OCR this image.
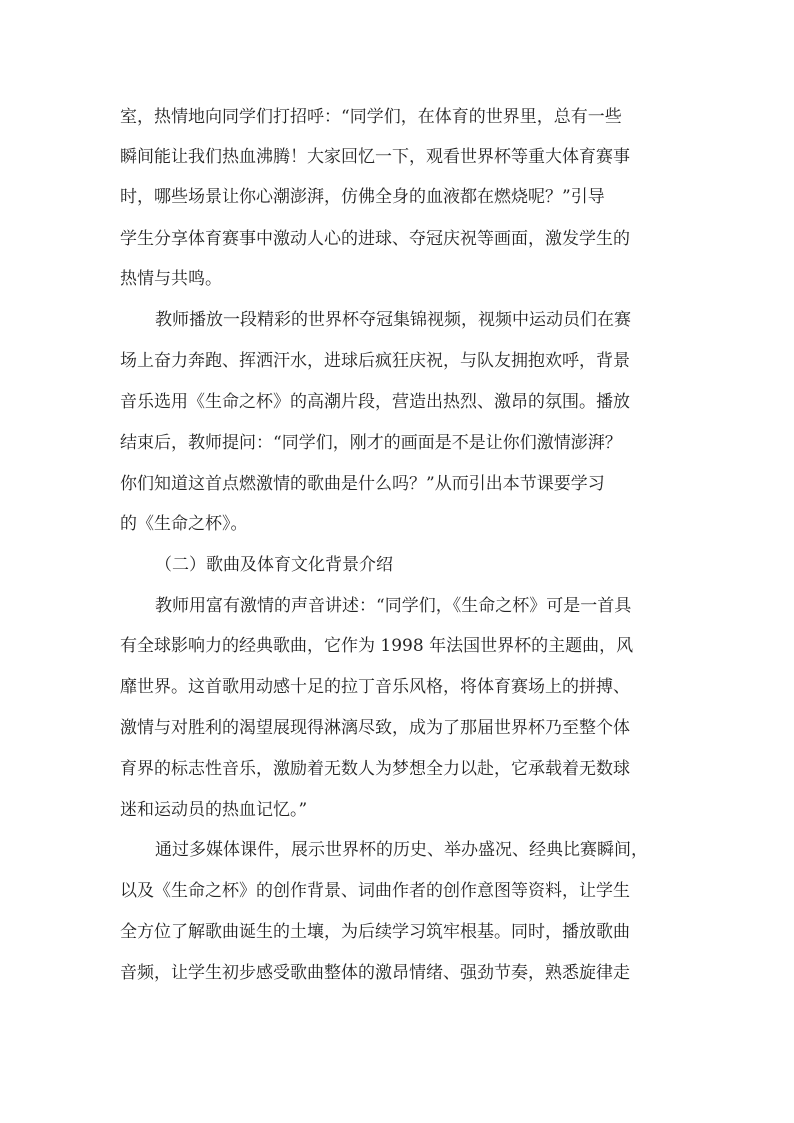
室，热情地向同学们打招呼：“同学们，在体育的世界里，总有一些

瞬间能让我们热血沸腾！大家回忆一下，观看世界杯等重大体育赛事

时，哪些场景让你心潮澎湃，仿佛全身的血液都在燃烧呢？”引导

学生分享体育赛事中激动人心的进球、夺冠庆祝等画面，激发学生的

热情与共鸣。

教师播放一段精彩的世界杯夺冠集锦视频，视频中运动员们在赛

场上奋力奔跑、挥洒汗水，进球后疯狂庆祝，与队友拥抱欢呼，背景

音乐选用《生命之杯》的高潮片段，营造出热烈、激昂的氛围。播放

结束后，教师提问：“同学们，刚才的画面是不是让你们激情澎湃？

你们知道这首点燃激情的歌曲是什么吗？”从而引出本节课要学习

的《生命之杯》。

（二）歌曲及体育文化背景介绍

教师用富有激情的声音讲述：“同学们，《生命之杯》可是一首具

有全球影响力的经典歌曲，它作为 1998 年法国世界杯的主题曲，风

靡世界。这首歌用动感十足的拉丁音乐风格，将体育赛场上的拼搏、

激情与对胜利的渴望展现得淋漓尽致，成为了那届世界杯乃至整个体

育界的标志性音乐，激励着无数人为梦想全力以赴，它承载着无数球

迷和运动员的热血记忆。”

通过多媒体课件，展示世界杯的历史、举办盛况、经典比赛瞬间，

以及《生命之杯》的创作背景、词曲作者的创作意图等资料，让学生

全方位了解歌曲诞生的土壤，为后续学习筑牢根基。同时，播放歌曲

音频，让学生初步感受歌曲整体的激昂情绪、强劲节奏，熟悉旋律走
